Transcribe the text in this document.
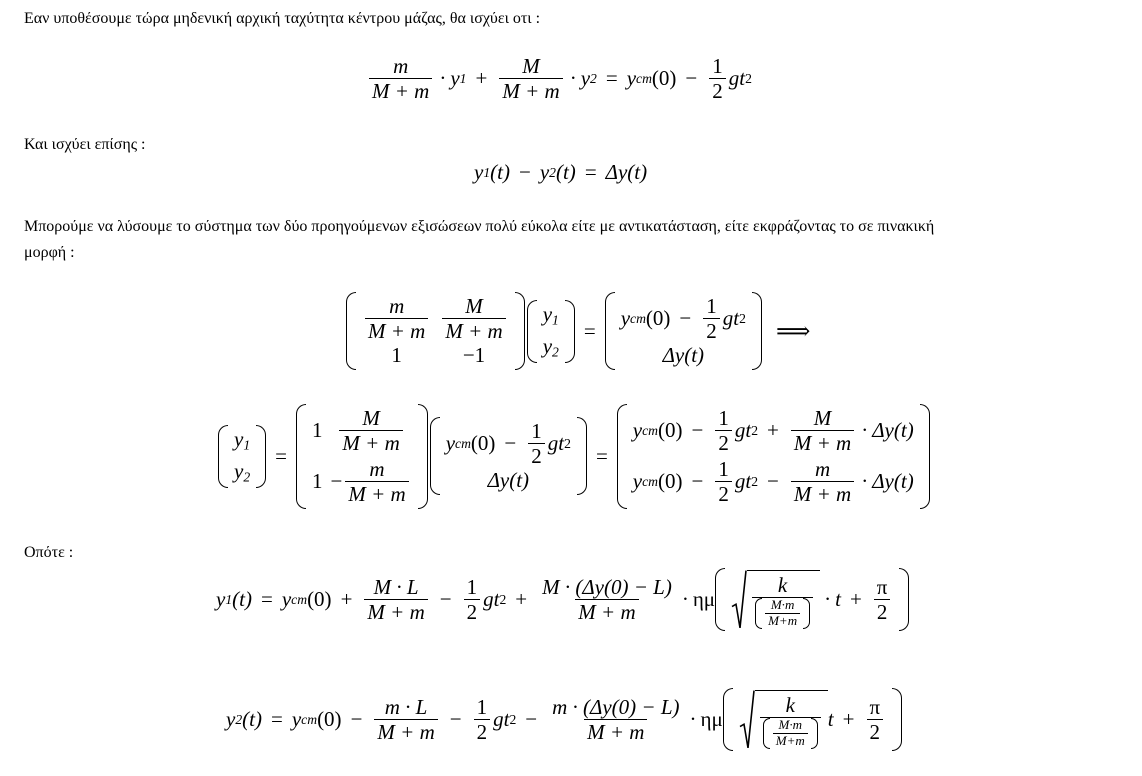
Εαν υποθέσουμε τώρα μηδενική αρχική ταχύτητα κέντρου μάζας, θα ισχύει οτι :
$\frac{m}{M + m} \cdot y$ $1 + \frac{M}{M + m} \cdot y$ 2 = y cm $(0) - \frac{1}{2}$ g t 2
Και ισχύει επίσης :
y 1 (t) − y 2 (t) = Δy(t)
Μπορούμε να λύσουμε το σύστημα των δύο προηγούμενων εξισώσεων πολύ εύκολα είτε με αντικατάσταση, είτε εκφράζοντας το σε πινακική
μορφή :
$\frac{m}{M + m} \frac{M}{M + m}$
1	−1
$y_1$
$y_2$
=
y cm $(0) - \frac{1}{2}$ g t 2
Δy(t)
⟹
$y_1$
$y_2$
=
$1 \frac{M}{M + m}$
$1 - \frac{m}{M + m}$
y cm $(0) - \frac{1}{2}$ g t 2
Δy(t)
=
y cm $(0) - \frac{1}{2}$ g t $2 + \frac{M}{M + m} \cdot \Delta y(t)$
y cm $(0) - \frac{1}{2}$ g t $2 - \frac{m}{M + m} \cdot \Delta y(t)$
Οπότε :
y 1 (t) = y cm $(0) + \frac{M \cdot L}{M + m} - \frac{1}{2}$ g t $2 + \frac{M \cdot (\Delta y(0) - L)}{M + m} \cdot \eta\mu \frac{k}{\frac{M\cdot m}{M+m}} \cdot t + \frac{\pi}{2}$
y 2 (t) = y cm $(0) - \frac{m \cdot L}{M + m} - \frac{1}{2}$ g t $2 - \frac{m \cdot (\Delta y(0) - L)}{M + m} \cdot \eta\mu \frac{k}{\frac{M\cdot m}{M+m}}$ $t + \frac{\pi}{2}$
